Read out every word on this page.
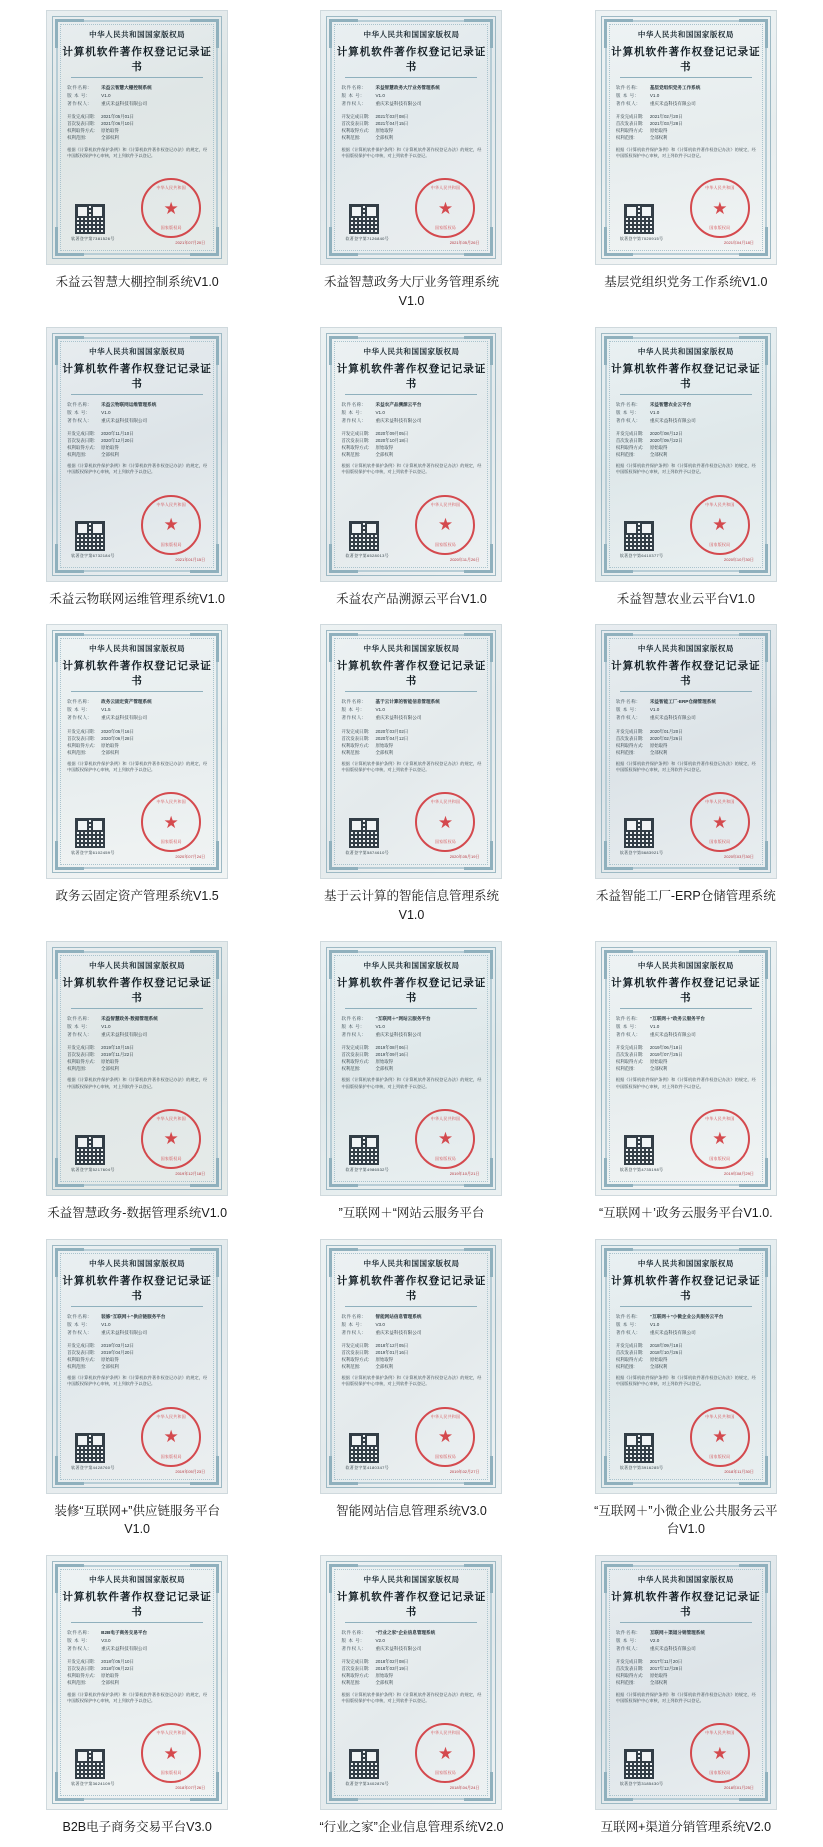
中华人民共和国国家版权局
计算机软件著作权登记记录证书
软件名称:	禾益云智慧大棚控制系统
版 本 号:	V1.0
著作权人:	重庆禾益科技有限公司
开发完成日期:	2021年05月01日
首次发表日期:	2021年06月10日
权利取得方式:	原始取得
权利范围:	全部权利
根据《计算机软件保护条例》和《计算机软件著作权登记办法》的规定，经中国版权保护中心审核，对上列软件予以登记。
软著登字第7381526号
中华人民共和国
★
国家版权局
2021年07月20日
禾益云智慧大棚控制系统V1.0
中华人民共和国国家版权局
计算机软件著作权登记记录证书
软件名称:	禾益智慧政务大厅业务管理系统
版 本 号:	V1.0
著作权人:	重庆禾益科技有限公司
开发完成日期:	2021年03月08日
首次发表日期:	2021年04月15日
权利取得方式:	原始取得
权利范围:	全部权利
根据《计算机软件保护条例》和《计算机软件著作权登记办法》的规定，经中国版权保护中心审核，对上列软件予以登记。
软著登字第7126840号
中华人民共和国
★
国家版权局
2021年05月26日
禾益智慧政务大厅业务管理系统V1.0
中华人民共和国国家版权局
计算机软件著作权登记记录证书
软件名称:	基层党组织党务工作系统
版 本 号:	V1.0
著作权人:	重庆禾益科技有限公司
开发完成日期:	2021年02月20日
首次发表日期:	2021年03月28日
权利取得方式:	原始取得
权利范围:	全部权利
根据《计算机软件保护条例》和《计算机软件著作权登记办法》的规定，经中国版权保护中心审核，对上列软件予以登记。
软著登字第7020915号
中华人民共和国
★
国家版权局
2021年04月18日
基层党组织党务工作系统V1.0
中华人民共和国国家版权局
计算机软件著作权登记记录证书
软件名称:	禾益云物联网运维管理系统
版 本 号:	V1.0
著作权人:	重庆禾益科技有限公司
开发完成日期:	2020年11月10日
首次发表日期:	2020年12月20日
权利取得方式:	原始取得
权利范围:	全部权利
根据《计算机软件保护条例》和《计算机软件著作权登记办法》的规定，经中国版权保护中心审核，对上列软件予以登记。
软著登字第6732184号
中华人民共和国
★
国家版权局
2021年01月15日
禾益云物联网运维管理系统V1.0
中华人民共和国国家版权局
计算机软件著作权登记记录证书
软件名称:	禾益农产品溯源云平台
版 本 号:	V1.0
著作权人:	重庆禾益科技有限公司
开发完成日期:	2020年09月05日
首次发表日期:	2020年10月18日
权利取得方式:	原始取得
权利范围:	全部权利
根据《计算机软件保护条例》和《计算机软件著作权登记办法》的规定，经中国版权保护中心审核，对上列软件予以登记。
软著登字第6528013号
中华人民共和国
★
国家版权局
2020年11月26日
禾益农产品溯源云平台V1.0
中华人民共和国国家版权局
计算机软件著作权登记记录证书
软件名称:	禾益智慧农业云平台
版 本 号:	V1.0
著作权人:	重庆禾益科技有限公司
开发完成日期:	2020年08月12日
首次发表日期:	2020年09月22日
权利取得方式:	原始取得
权利范围:	全部权利
根据《计算机软件保护条例》和《计算机软件著作权登记办法》的规定，经中国版权保护中心审核，对上列软件予以登记。
软著登字第6410377号
中华人民共和国
★
国家版权局
2020年10月30日
禾益智慧农业云平台V1.0
中华人民共和国国家版权局
计算机软件著作权登记记录证书
软件名称:	政务云固定资产管理系统
版 本 号:	V1.5
著作权人:	重庆禾益科技有限公司
开发完成日期:	2020年05月16日
首次发表日期:	2020年06月28日
权利取得方式:	原始取得
权利范围:	全部权利
根据《计算机软件保护条例》和《计算机软件著作权登记办法》的规定，经中国版权保护中心审核，对上列软件予以登记。
软著登字第6102459号
中华人民共和国
★
国家版权局
2020年07月24日
政务云固定资产管理系统V1.5
中华人民共和国国家版权局
计算机软件著作权登记记录证书
软件名称:	基于云计算的智能信息管理系统
版 本 号:	V1.0
著作权人:	重庆禾益科技有限公司
开发完成日期:	2020年03月02日
首次发表日期:	2020年04月12日
权利取得方式:	原始取得
权利范围:	全部权利
根据《计算机软件保护条例》和《计算机软件著作权登记办法》的规定，经中国版权保护中心审核，对上列软件予以登记。
软著登字第5874610号
中华人民共和国
★
国家版权局
2020年05月19日
基于云计算的智能信息管理系统V1.0
中华人民共和国国家版权局
计算机软件著作权登记记录证书
软件名称:	禾益智能工厂-ERP仓储管理系统
版 本 号:	V1.0
著作权人:	重庆禾益科技有限公司
开发完成日期:	2020年01月20日
首次发表日期:	2020年02月26日
权利取得方式:	原始取得
权利范围:	全部权利
根据《计算机软件保护条例》和《计算机软件著作权登记办法》的规定，经中国版权保护中心审核，对上列软件予以登记。
软著登字第5683921号
中华人民共和国
★
国家版权局
2020年03月30日
禾益智能工厂-ERP仓储管理系统
中华人民共和国国家版权局
计算机软件著作权登记记录证书
软件名称:	禾益智慧政务-数据管理系统
版 本 号:	V1.0
著作权人:	重庆禾益科技有限公司
开发完成日期:	2019年10月15日
首次发表日期:	2019年11月22日
权利取得方式:	原始取得
权利范围:	全部权利
根据《计算机软件保护条例》和《计算机软件著作权登记办法》的规定，经中国版权保护中心审核，对上列软件予以登记。
软著登字第5217604号
中华人民共和国
★
国家版权局
2019年12月18日
禾益智慧政务-数据管理系统V1.0
中华人民共和国国家版权局
计算机软件著作权登记记录证书
软件名称:	“互联网＋”网站云服务平台
版 本 号:	V1.0
著作权人:	重庆禾益科技有限公司
开发完成日期:	2019年08月06日
首次发表日期:	2019年09月16日
权利取得方式:	原始取得
权利范围:	全部权利
根据《计算机软件保护条例》和《计算机软件著作权登记办法》的规定，经中国版权保护中心审核，对上列软件予以登记。
软著登字第4986532号
中华人民共和国
★
国家版权局
2019年10月21日
”互联网＋“网站云服务平台
中华人民共和国国家版权局
计算机软件著作权登记记录证书
软件名称:	“互联网＋”政务云服务平台
版 本 号:	V1.0
著作权人:	重庆禾益科技有限公司
开发完成日期:	2019年06月18日
首次发表日期:	2019年07月25日
权利取得方式:	原始取得
权利范围:	全部权利
根据《计算机软件保护条例》和《计算机软件著作权登记办法》的规定，经中国版权保护中心审核，对上列软件予以登记。
软著登字第4735198号
中华人民共和国
★
国家版权局
2019年08月29日
“互联网＋’政务云服务平台V1.0.
中华人民共和国国家版权局
计算机软件著作权登记记录证书
软件名称:	装修“互联网＋”供应链服务平台
版 本 号:	V1.0
著作权人:	重庆禾益科技有限公司
开发完成日期:	2019年03月12日
首次发表日期:	2019年04月20日
权利取得方式:	原始取得
权利范围:	全部权利
根据《计算机软件保护条例》和《计算机软件著作权登记办法》的规定，经中国版权保护中心审核，对上列软件予以登记。
软著登字第4428760号
中华人民共和国
★
国家版权局
2019年05月23日
装修“互联网+”供应链服务平台V1.0
中华人民共和国国家版权局
计算机软件著作权登记记录证书
软件名称:	智能网站信息管理系统
版 本 号:	V3.0
著作权人:	重庆禾益科技有限公司
开发完成日期:	2018年12月05日
首次发表日期:	2019年01月16日
权利取得方式:	原始取得
权利范围:	全部权利
根据《计算机软件保护条例》和《计算机软件著作权登记办法》的规定，经中国版权保护中心审核，对上列软件予以登记。
软著登字第4180347号
中华人民共和国
★
国家版权局
2019年02月27日
智能网站信息管理系统V3.0
中华人民共和国国家版权局
计算机软件著作权登记记录证书
软件名称:	“互联网＋”小微企业公共服务云平台
版 本 号:	V1.0
著作权人:	重庆禾益科技有限公司
开发完成日期:	2018年09月18日
首次发表日期:	2018年10月26日
权利取得方式:	原始取得
权利范围:	全部权利
根据《计算机软件保护条例》和《计算机软件著作权登记办法》的规定，经中国版权保护中心审核，对上列软件予以登记。
软著登字第3916285号
中华人民共和国
★
国家版权局
2018年11月30日
“互联网＋”小微企业公共服务云平台V1.0
中华人民共和国国家版权局
计算机软件著作权登记记录证书
软件名称:	B2B电子商务交易平台
版 本 号:	V3.0
著作权人:	重庆禾益科技有限公司
开发完成日期:	2018年05月10日
首次发表日期:	2018年06月22日
权利取得方式:	原始取得
权利范围:	全部权利
根据《计算机软件保护条例》和《计算机软件著作权登记办法》的规定，经中国版权保护中心审核，对上列软件予以登记。
软著登字第3624109号
中华人民共和国
★
国家版权局
2018年07月26日
B2B电子商务交易平台V3.0
中华人民共和国国家版权局
计算机软件著作权登记记录证书
软件名称:	“行业之家”企业信息管理系统
版 本 号:	V2.0
著作权人:	重庆禾益科技有限公司
开发完成日期:	2018年02月08日
首次发表日期:	2018年03月19日
权利取得方式:	原始取得
权利范围:	全部权利
根据《计算机软件保护条例》和《计算机软件著作权登记办法》的规定，经中国版权保护中心审核，对上列软件予以登记。
软著登字第3402876号
中华人民共和国
★
国家版权局
2018年04月24日
“行业之家”企业信息管理系统V2.0
中华人民共和国国家版权局
计算机软件著作权登记记录证书
软件名称:	互联网＋渠道分销管理系统
版 本 号:	V2.0
著作权人:	重庆禾益科技有限公司
开发完成日期:	2017年11月20日
首次发表日期:	2017年12月28日
权利取得方式:	原始取得
权利范围:	全部权利
根据《计算机软件保护条例》和《计算机软件著作权登记办法》的规定，经中国版权保护中心审核，对上列软件予以登记。
软著登字第3185430号
中华人民共和国
★
国家版权局
2018年01月25日
互联网+渠道分销管理系统V2.0
